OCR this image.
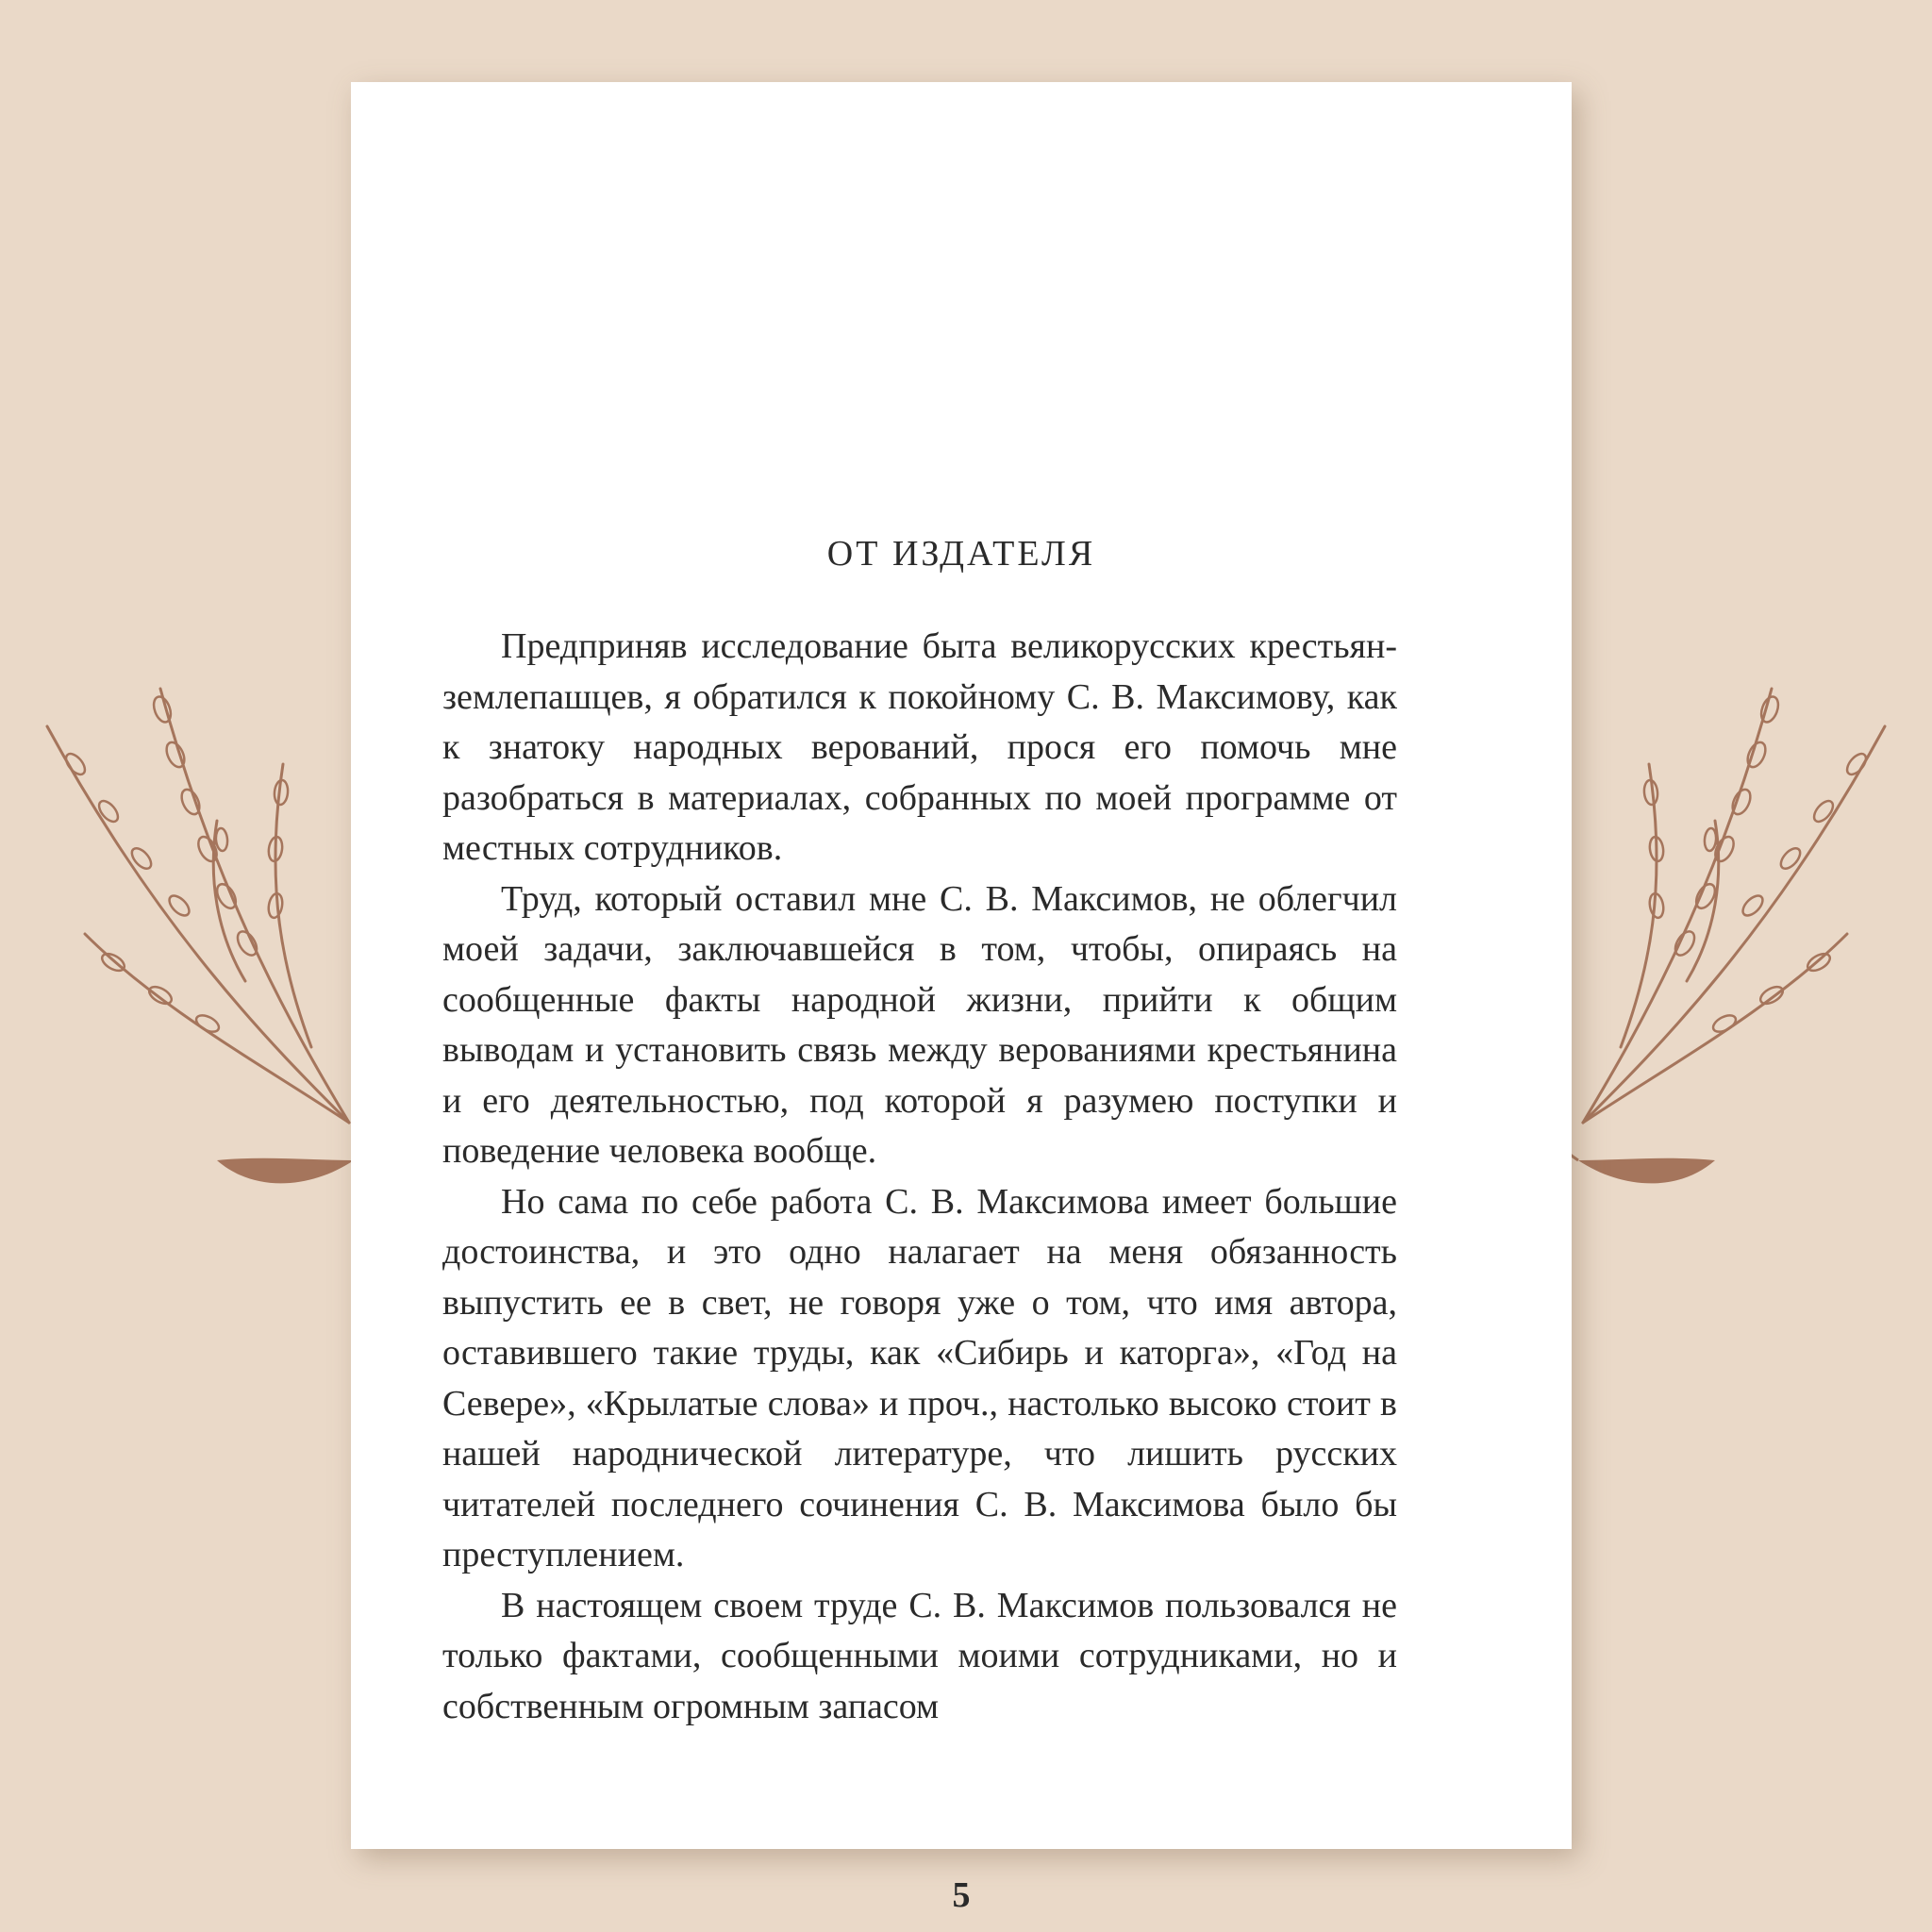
ОТ ИЗДАТЕЛЯ

Предприняв исследование быта великорусских крестьян-землепашцев, я обратился к покойному С. В. Максимову, как к знатоку народных верований, прося его помочь мне разобраться в материалах, собранных по моей программе от местных сотрудников.

Труд, который оставил мне С. В. Максимов, не облегчил моей задачи, заключавшейся в том, чтобы, опираясь на сообщенные факты народной жизни, прийти к общим выводам и установить связь между верованиями крестьянина и его деятельностью, под которой я разумею поступки и поведение человека вообще.

Но сама по себе работа С. В. Максимова имеет большие достоинства, и это одно налагает на меня обязанность выпустить ее в свет, не говоря уже о том, что имя автора, оставившего такие труды, как «Сибирь и каторга», «Год на Севере», «Крылатые слова» и проч., настолько высоко стоит в нашей народнической литературе, что лишить русских читателей последнего сочинения С. В. Максимова было бы преступлением.

В настоящем своем труде С. В. Максимов пользовался не только фактами, сообщенными моими сотрудниками, но и собственным огромным запасом

5
